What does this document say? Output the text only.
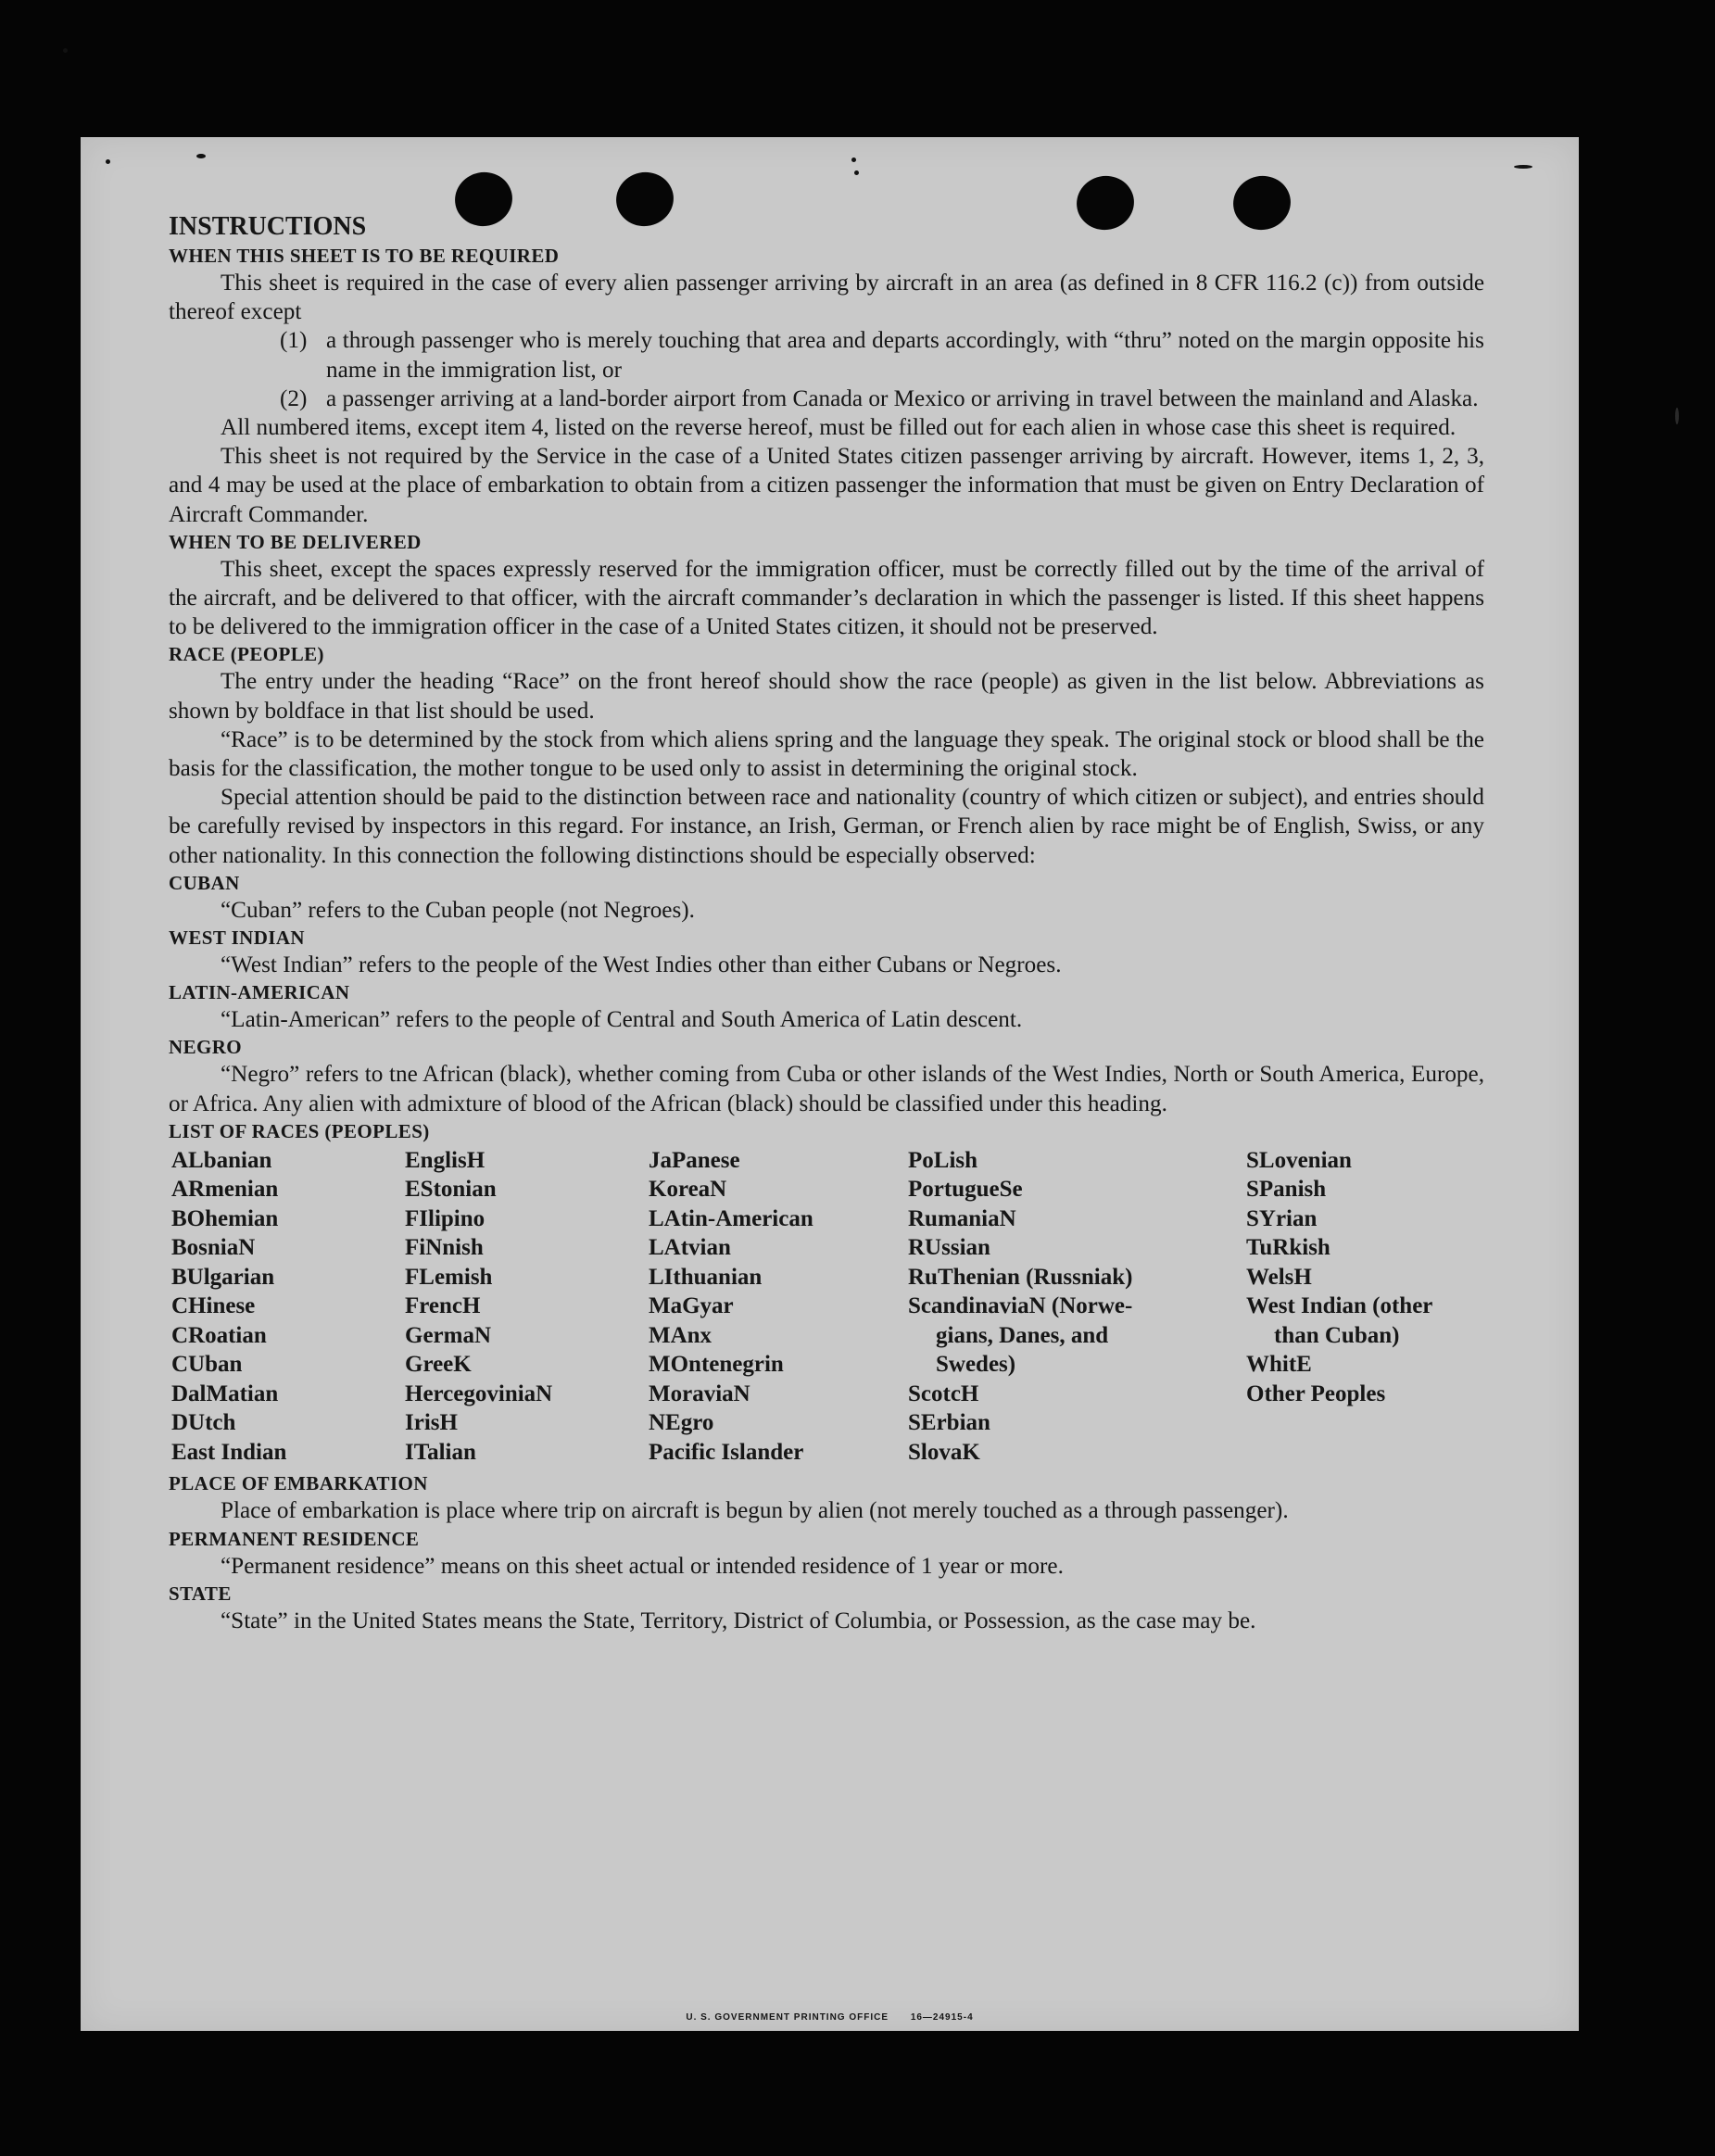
INSTRUCTIONS

WHEN THIS SHEET IS TO BE REQUIRED

This sheet is required in the case of every alien passenger arriving by aircraft in an area (as defined in 8 CFR 116.2 (c)) from outside thereof except

(1) a through passenger who is merely touching that area and departs accordingly, with “thru” noted on the margin opposite his name in the immigration list, or
(2) a passenger arriving at a land-border airport from Canada or Mexico or arriving in travel between the mainland and Alaska.

All numbered items, except item 4, listed on the reverse hereof, must be filled out for each alien in whose case this sheet is required.

This sheet is not required by the Service in the case of a United States citizen passenger arriving by aircraft. However, items 1, 2, 3, and 4 may be used at the place of embarkation to obtain from a citizen passenger the information that must be given on Entry Declaration of Aircraft Commander.

WHEN TO BE DELIVERED

This sheet, except the spaces expressly reserved for the immigration officer, must be correctly filled out by the time of the arrival of the aircraft, and be delivered to that officer, with the aircraft commander’s declaration in which the passenger is listed. If this sheet happens to be delivered to the immigration officer in the case of a United States citizen, it should not be preserved.

RACE (PEOPLE)

The entry under the heading “Race” on the front hereof should show the race (people) as given in the list below. Abbreviations as shown by boldface in that list should be used.

“Race” is to be determined by the stock from which aliens spring and the language they speak. The original stock or blood shall be the basis for the classification, the mother tongue to be used only to assist in determining the original stock.

Special attention should be paid to the distinction between race and nationality (country of which citizen or subject), and entries should be carefully revised by inspectors in this regard. For instance, an Irish, German, or French alien by race might be of English, Swiss, or any other nationality. In this connection the following distinctions should be especially observed:

CUBAN

“Cuban” refers to the Cuban people (not Negroes).

WEST INDIAN

“West Indian” refers to the people of the West Indies other than either Cubans or Negroes.

LATIN-AMERICAN

“Latin-American” refers to the people of Central and South America of Latin descent.

NEGRO

“Negro” refers to tne African (black), whether coming from Cuba or other islands of the West Indies, North or South America, Europe, or Africa. Any alien with admixture of blood of the African (black) should be classified under this heading.

LIST OF RACES (PEOPLES)

ALbanian
ARmenian
BOhemian
BosniaN
BUlgarian
CHinese
CRoatian
CUban
DalMatian
DUtch
East Indian
EnglisH
EStonian
FIlipino
FiNnish
FLemish
FrencH
GermaN
GreeK
HercegoviniaN
IrisH
ITalian
JaPanese
KoreaN
LAtin-American
LAtvian
LIthuanian
MaGyar
MAnx
MOntenegrin
MoraviaN
NEgro
Pacific Islander
PoLish
PortugueSe
RumaniaN
RUssian
RuThenian (Russniak)
ScandinaviaN (Norwe-
gians, Danes, and
Swedes)
ScotcH
SErbian
SlovaK
SLovenian
SPanish
SYrian
TuRkish
WelsH
West Indian (other
than Cuban)
WhitE
Other Peoples

PLACE OF EMBARKATION

Place of embarkation is place where trip on aircraft is begun by alien (not merely touched as a through passenger).

PERMANENT RESIDENCE

“Permanent residence” means on this sheet actual or intended residence of 1 year or more.

STATE

“State” in the United States means the State, Territory, District of Columbia, or Possession, as the case may be.

U. S. GOVERNMENT PRINTING OFFICE 16—24915-4
